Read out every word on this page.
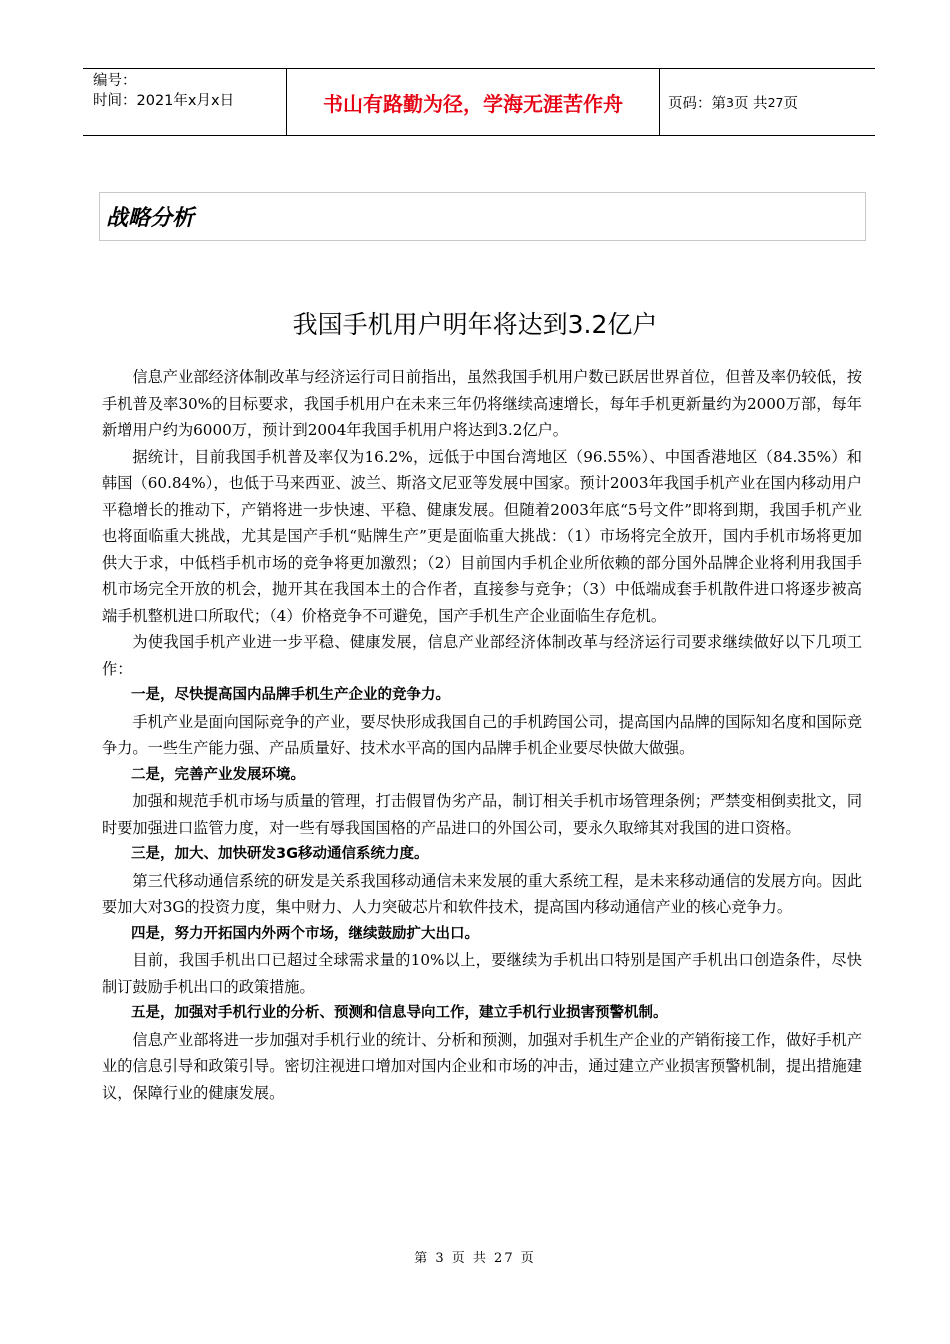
编号：
时间：2021年x月x日	书山有路勤为径，学海无涯苦作舟	页码：第 3 页 共 27 页
战略分析
我国手机用户明年将达到3.2亿户

信息产业部经济体制改革与经济运行司日前指出，虽然我国手机用户数已跃居世界首位，但普及率仍较低，按手机普及率30%的目标要求，我国手机用户在未来三年仍将继续高速增长，每年手机更新量约为2000万部，每年新增用户约为6000万，预计到2004年我国手机用户将达到3.2亿户。

据统计，目前我国手机普及率仅为16.2%，远低于中国台湾地区（96.55%）、中国香港地区（84.35%）和韩国（60.84%），也低于马来西亚、波兰、斯洛文尼亚等发展中国家。预计2003年我国手机产业在国内移动用户平稳增长的推动下，产销将进一步快速、平稳、健康发展。但随着2003年底“5号文件”即将到期，我国手机产业也将面临重大挑战，尤其是国产手机“贴牌生产”更是面临重大挑战：（1）市场将完全放开，国内手机市场将更加供大于求，中低档手机市场的竞争将更加激烈；（2）目前国内手机企业所依赖的部分国外品牌企业将利用我国手机市场完全开放的机会，抛开其在我国本土的合作者，直接参与竞争；（3）中低端成套手机散件进口将逐步被高端手机整机进口所取代；（4）价格竞争不可避免，国产手机生产企业面临生存危机。

为使我国手机产业进一步平稳、健康发展，信息产业部经济体制改革与经济运行司要求继续做好以下几项工作：

一是，尽快提高国内品牌手机生产企业的竞争力。

手机产业是面向国际竞争的产业，要尽快形成我国自己的手机跨国公司，提高国内品牌的国际知名度和国际竞争力。一些生产能力强、产品质量好、技术水平高的国内品牌手机企业要尽快做大做强。

二是，完善产业发展环境。

加强和规范手机市场与质量的管理，打击假冒伪劣产品，制订相关手机市场管理条例；严禁变相倒卖批文，同时要加强进口监管力度，对一些有辱我国国格的产品进口的外国公司，要永久取缔其对我国的进口资格。

三是，加大、加快研发3G移动通信系统力度。

第三代移动通信系统的研发是关系我国移动通信未来发展的重大系统工程，是未来移动通信的发展方向。因此要加大对3G的投资力度，集中财力、人力突破芯片和软件技术，提高国内移动通信产业的核心竞争力。

四是，努力开拓国内外两个市场，继续鼓励扩大出口。

目前，我国手机出口已超过全球需求量的10%以上，要继续为手机出口特别是国产手机出口创造条件，尽快制订鼓励手机出口的政策措施。

五是，加强对手机行业的分析、预测和信息导向工作，建立手机行业损害预警机制。

信息产业部将进一步加强对手机行业的统计、分析和预测，加强对手机生产企业的产销衔接工作，做好手机产业的信息引导和政策引导。密切注视进口增加对国内企业和市场的冲击，通过建立产业损害预警机制，提出措施建议，保障行业的健康发展。

第 3 页 共 27 页
